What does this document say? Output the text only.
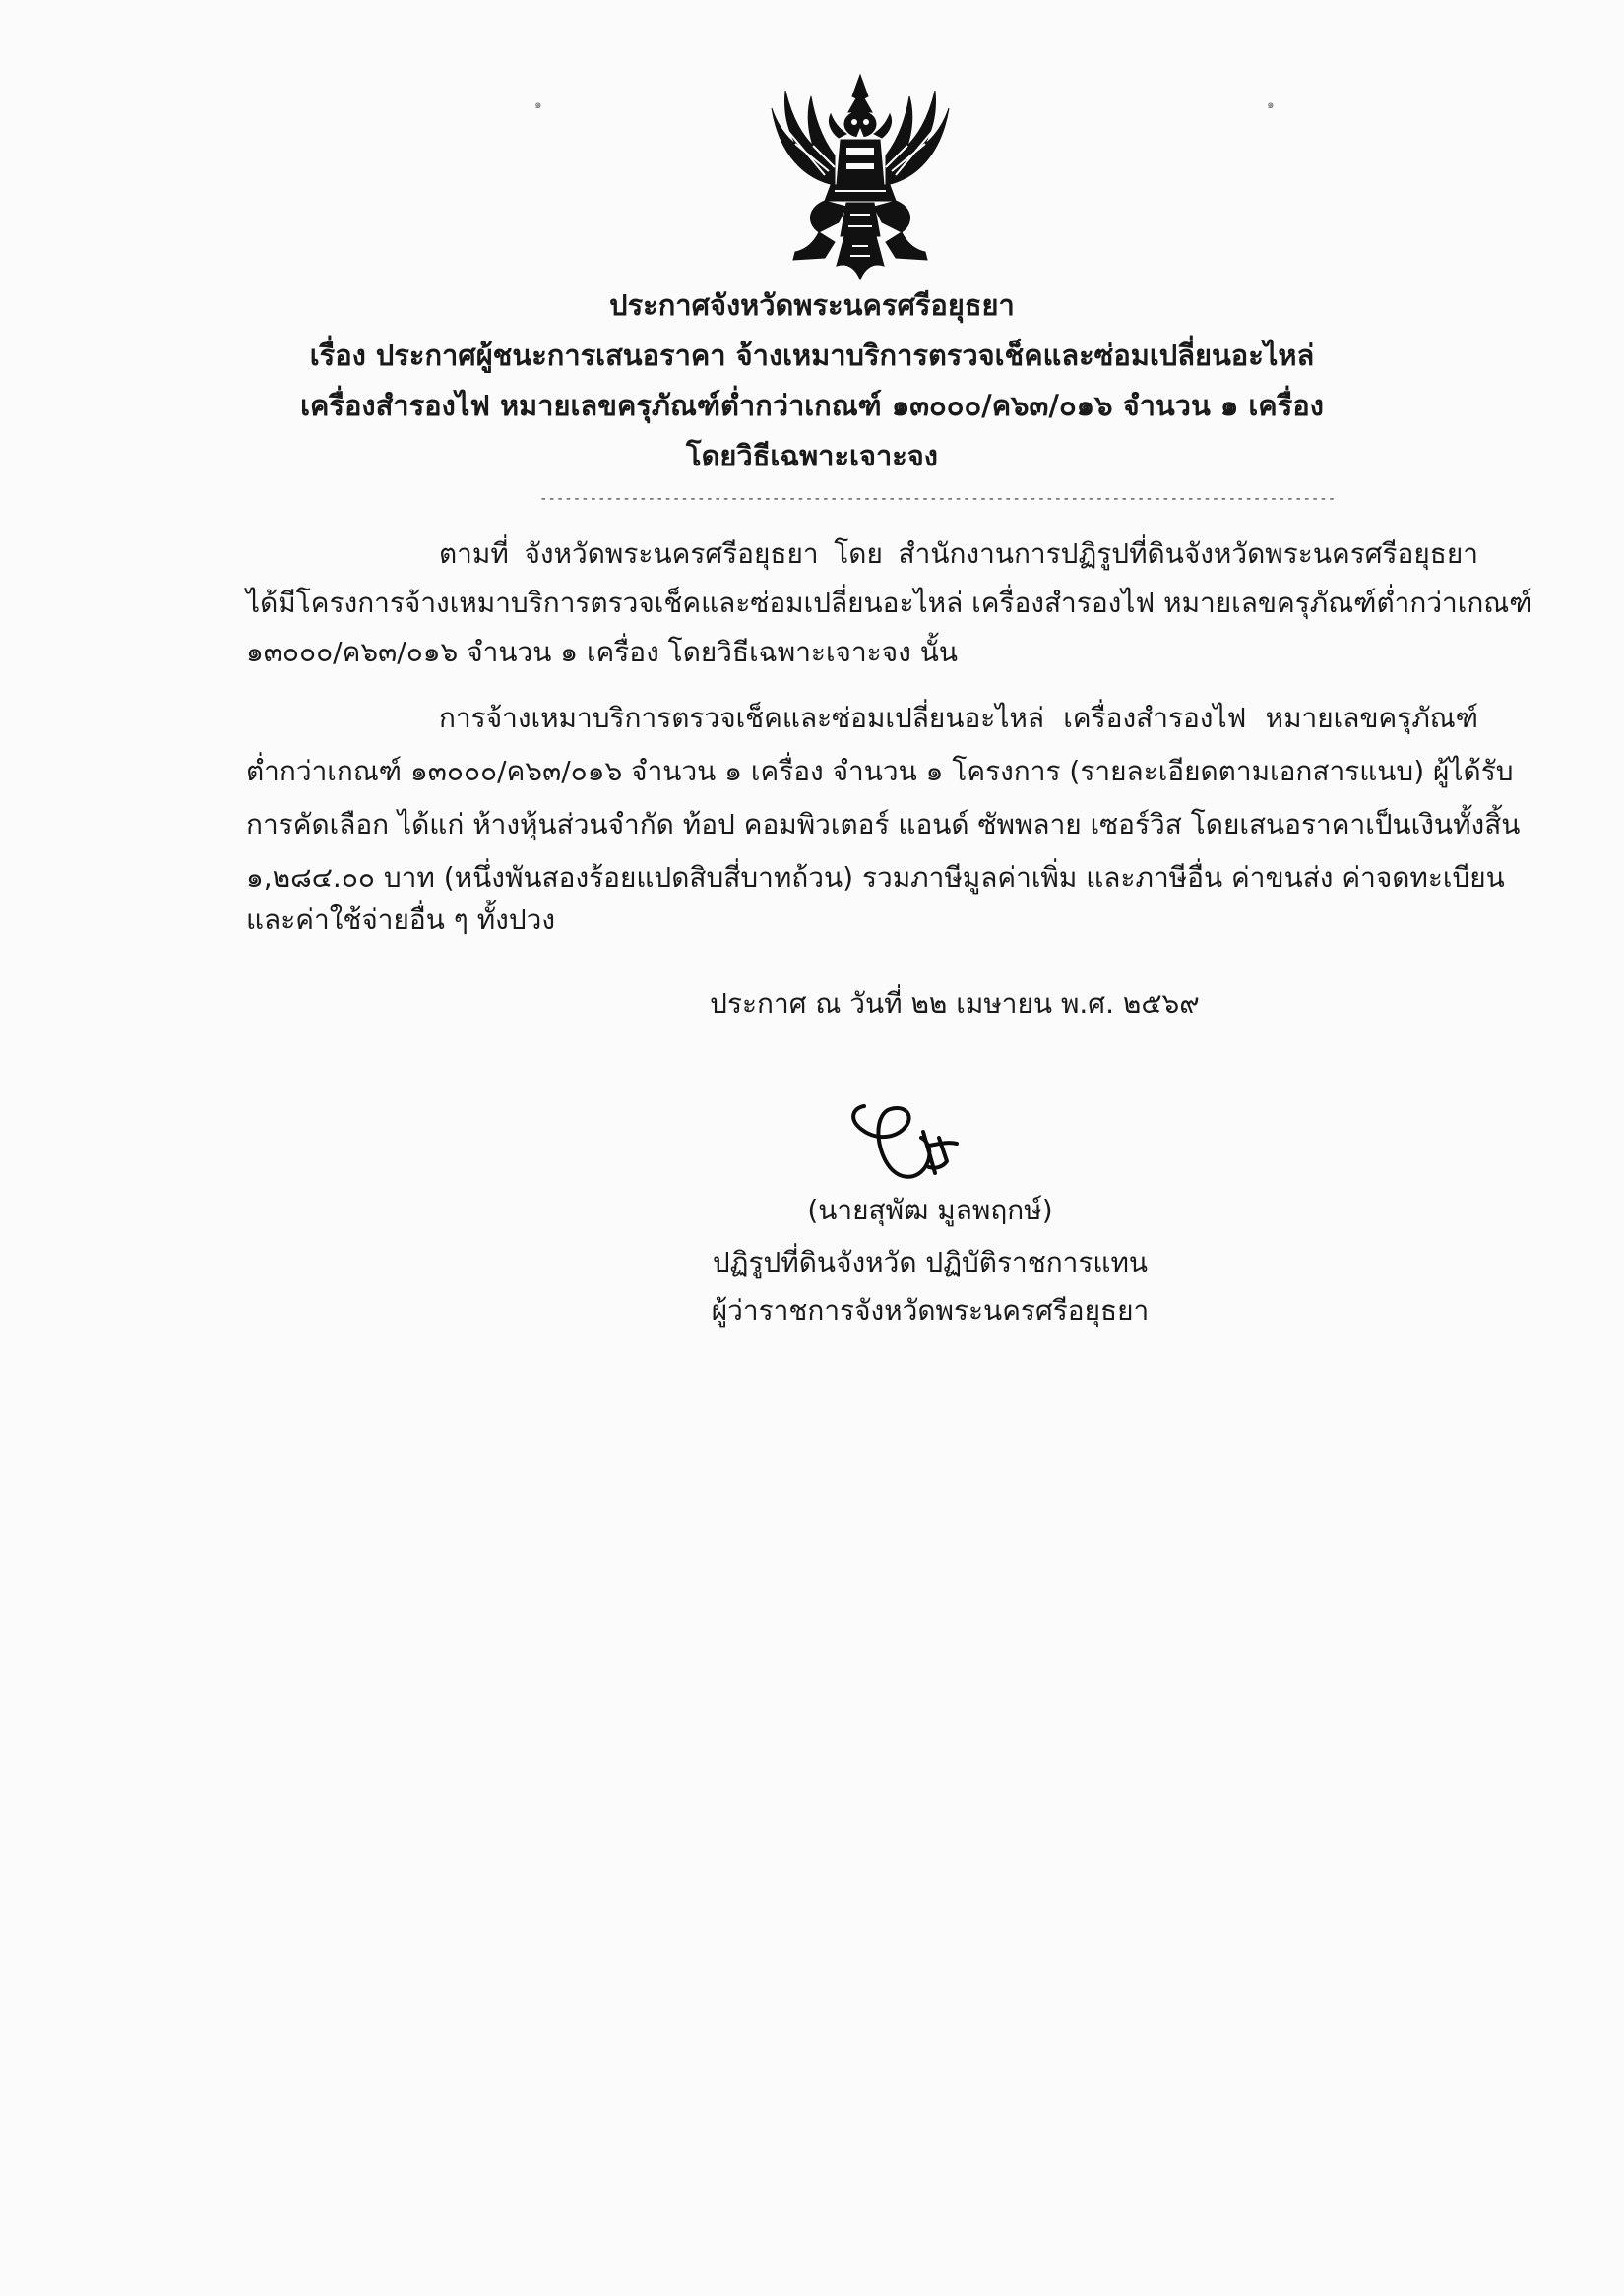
๑	๑
ประกาศจังหวัดพระนครศรีอยุธยา
เรื่อง ประกาศผู้ชนะการเสนอราคา จ้างเหมาบริการตรวจเช็คและซ่อมเปลี่ยนอะไหล่
เครื่องสำรองไฟ หมายเลขครุภัณฑ์ต่ำกว่าเกณฑ์ ๑๓๐๐๐/ค๖๓/๐๑๖ จำนวน ๑ เครื่อง
โดยวิธีเฉพาะเจาะจง
------------------------------------------------------------------------------------------------
ตามที่ จังหวัดพระนครศรีอยุธยา โดย สำนักงานการปฏิรูปที่ดินจังหวัดพระนครศรีอยุธยา
ได้มีโครงการจ้างเหมาบริการตรวจเช็คและซ่อมเปลี่ยนอะไหล่ เครื่องสำรองไฟ หมายเลขครุภัณฑ์ต่ำกว่าเกณฑ์
๑๓๐๐๐/ค๖๓/๐๑๖ จำนวน ๑ เครื่อง โดยวิธีเฉพาะเจาะจง นั้น
การจ้างเหมาบริการตรวจเช็คและซ่อมเปลี่ยนอะไหล่ เครื่องสำรองไฟ หมายเลขครุภัณฑ์
ต่ำกว่าเกณฑ์ ๑๓๐๐๐/ค๖๓/๐๑๖ จำนวน ๑ เครื่อง จำนวน ๑ โครงการ (รายละเอียดตามเอกสารแนบ) ผู้ได้รับ
การคัดเลือก ได้แก่ ห้างหุ้นส่วนจำกัด ท้อป คอมพิวเตอร์ แอนด์ ซัพพลาย เซอร์วิส โดยเสนอราคาเป็นเงินทั้งสิ้น
๑,๒๘๔.๐๐ บาท (หนึ่งพันสองร้อยแปดสิบสี่บาทถ้วน) รวมภาษีมูลค่าเพิ่ม และภาษีอื่น ค่าขนส่ง ค่าจดทะเบียน
และค่าใช้จ่ายอื่น ๆ ทั้งปวง
ประกาศ ณ วันที่ ๒๒ เมษายน พ.ศ. ๒๕๖๙
(นายสุพัฒ มูลพฤกษ์)
ปฏิรูปที่ดินจังหวัด ปฏิบัติราชการแทน
ผู้ว่าราชการจังหวัดพระนครศรีอยุธยา
